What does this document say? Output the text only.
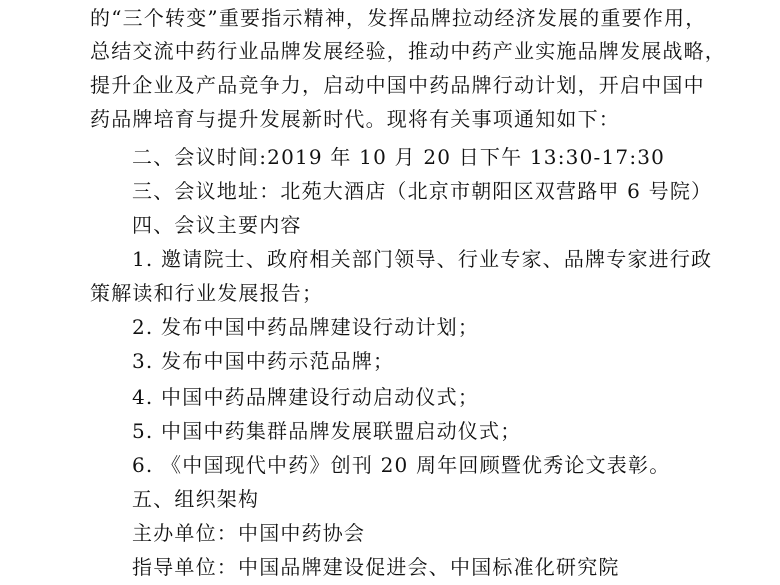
的“三个转变”重要指示精神，发挥品牌拉动经济发展的重要作用，
总结交流中药行业品牌发展经验，推动中药产业实施品牌发展战略，
提升企业及产品竞争力，启动中国中药品牌行动计划，开启中国中
药品牌培育与提升发展新时代。现将有关事项通知如下：
二、会议时间:2019 年 10 月 20 日下午 13:30-17:30
三、会议地址：北苑大酒店（北京市朝阳区双营路甲 6 号院）
四、会议主要内容
1. 邀请院士、政府相关部门领导、行业专家、品牌专家进行政
策解读和行业发展报告；
2. 发布中国中药品牌建设行动计划；
3. 发布中国中药示范品牌；
4. 中国中药品牌建设行动启动仪式；
5. 中国中药集群品牌发展联盟启动仪式；
6. 《中国现代中药》创刊 20 周年回顾暨优秀论文表彰。
五、组织架构
主办单位：中国中药协会
指导单位：中国品牌建设促进会、中国标准化研究院
